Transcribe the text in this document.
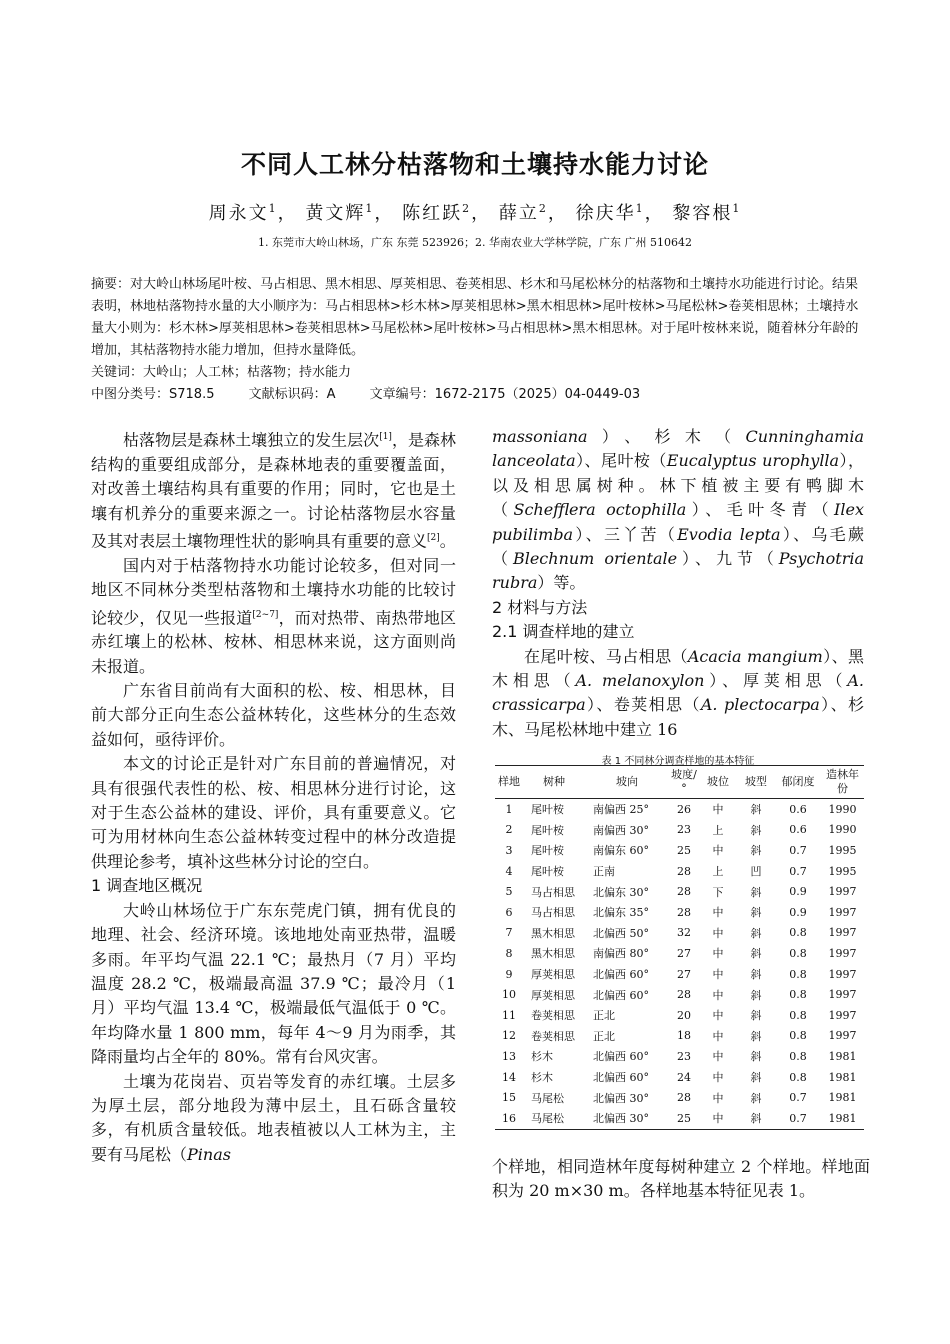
不同人工林分枯落物和土壤持水能力讨论
周永文$^1$， 黄文辉$^1$， 陈红跃$^2$， 薛立$^2$， 徐庆华$^1$， 黎容根$^1$
1. 东莞市大岭山林场，广东 东莞 523926；2. 华南农业大学林学院，广东 广州 510642

摘要：对大岭山林场尾叶桉、马占相思、黑木相思、厚荚相思、卷荚相思、杉木和马尾松林分的枯落物和土壤持水功能进行讨论。结果表明，林地枯落物持水量的大小顺序为：马占相思林>杉木林>厚荚相思林>黑木相思林>尾叶桉林>马尾松林>卷荚相思林；土壤持水量大小则为：杉木林>厚荚相思林>卷荚相思林>马尾松林>尾叶桉林>马占相思林>黑木相思林。对于尾叶桉林来说，随着林分年龄的增加，其枯落物持水能力增加，但持水量降低。

关键词：大岭山；人工林；枯落物；持水能力

中图分类号：S718.5	文献标识码：A	文章编号：1672-2175（2025）04-0449-03

枯落物层是森林土壤独立的发生层次[1]，是森林结构的重要组成部分，是森林地表的重要覆盖面，对改善土壤结构具有重要的作用；同时，它也是土壤有机养分的重要来源之一。讨论枯落物层水容量及其对表层土壤物理性状的影响具有重要的意义[2]。

国内对于枯落物持水功能讨论较多，但对同一地区不同林分类型枯落物和土壤持水功能的比较讨论较少，仅见一些报道[2~7]，而对热带、南热带地区赤红壤上的松林、桉林、相思林来说，这方面则尚未报道。

广东省目前尚有大面积的松、桉、相思林，目前大部分正向生态公益林转化，这些林分的生态效益如何，亟待评价。

本文的讨论正是针对广东目前的普遍情况，对具有很强代表性的松、桉、相思林分进行讨论，这对于生态公益林的建设、评价，具有重要意义。它可为用材林向生态公益林转变过程中的林分改造提供理论参考，填补这些林分讨论的空白。

1 调查地区概况

大岭山林场位于广东东莞虎门镇，拥有优良的地理、社会、经济环境。该地地处南亚热带，温暖多雨。年平均气温 22.1 ℃；最热月（7 月）平均温度 28.2 ℃，极端最高温 37.9 ℃；最冷月（1 月）平均气温 13.4 ℃，极端最低气温低于 0 ℃。年均降水量 1 800 mm，每年 4～9 月为雨季，其降雨量均占全年的 80%。常有台风灾害。

土壤为花岗岩、页岩等发育的赤红壤。土层多为厚土层，部分地段为薄中层土，且石砾含量较多，有机质含量较低。地表植被以人工林为主，主要有马尾松（Pinas

massoniana）、杉木（Cunninghamia lanceolata）、尾叶桉（Eucalyptus urophylla），以及相思属树种。林下植被主要有鸭脚木（Schefflera octophilla）、毛叶冬青（Ilex pubilimba）、三丫苦（Evodia lepta）、乌毛蕨（Blechnum orientale）、九节（Psychotria rubra）等。

2 材料与方法

2.1 调查样地的建立

在尾叶桉、马占相思（Acacia mangium）、黑木相思（A. melanoxylon）、厚荚相思（A. crassicarpa）、卷荚相思（A. plectocarpa）、杉木、马尾松林地中建立 16

表 1 不同林分调查样地的基本特征
样地	树种	坡向	坡度/°	坡位	坡型	郁闭度	造林年份
1	尾叶桉	南偏西 25°	26	中	斜	0.6	1990
2	尾叶桉	南偏西 30°	23	上	斜	0.6	1990
3	尾叶桉	南偏东 60°	25	中	斜	0.7	1995
4	尾叶桉	正南	28	上	凹	0.7	1995
5	马占相思	北偏东 30°	28	下	斜	0.9	1997
6	马占相思	北偏东 35°	28	中	斜	0.9	1997
7	黑木相思	北偏西 50°	32	中	斜	0.8	1997
8	黑木相思	南偏西 80°	27	中	斜	0.8	1997
9	厚荚相思	北偏西 60°	27	中	斜	0.8	1997
10	厚荚相思	北偏西 60°	28	中	斜	0.8	1997
11	卷荚相思	正北	20	中	斜	0.8	1997
12	卷荚相思	正北	18	中	斜	0.8	1997
13	杉木	北偏西 60°	23	中	斜	0.8	1981
14	杉木	北偏西 60°	24	中	斜	0.8	1981
15	马尾松	北偏西 30°	28	中	斜	0.7	1981
16	马尾松	北偏西 30°	25	中	斜	0.7	1981

个样地，相同造林年度每树种建立 2 个样地。样地面积为 20 m×30 m。各样地基本特征见表 1。
